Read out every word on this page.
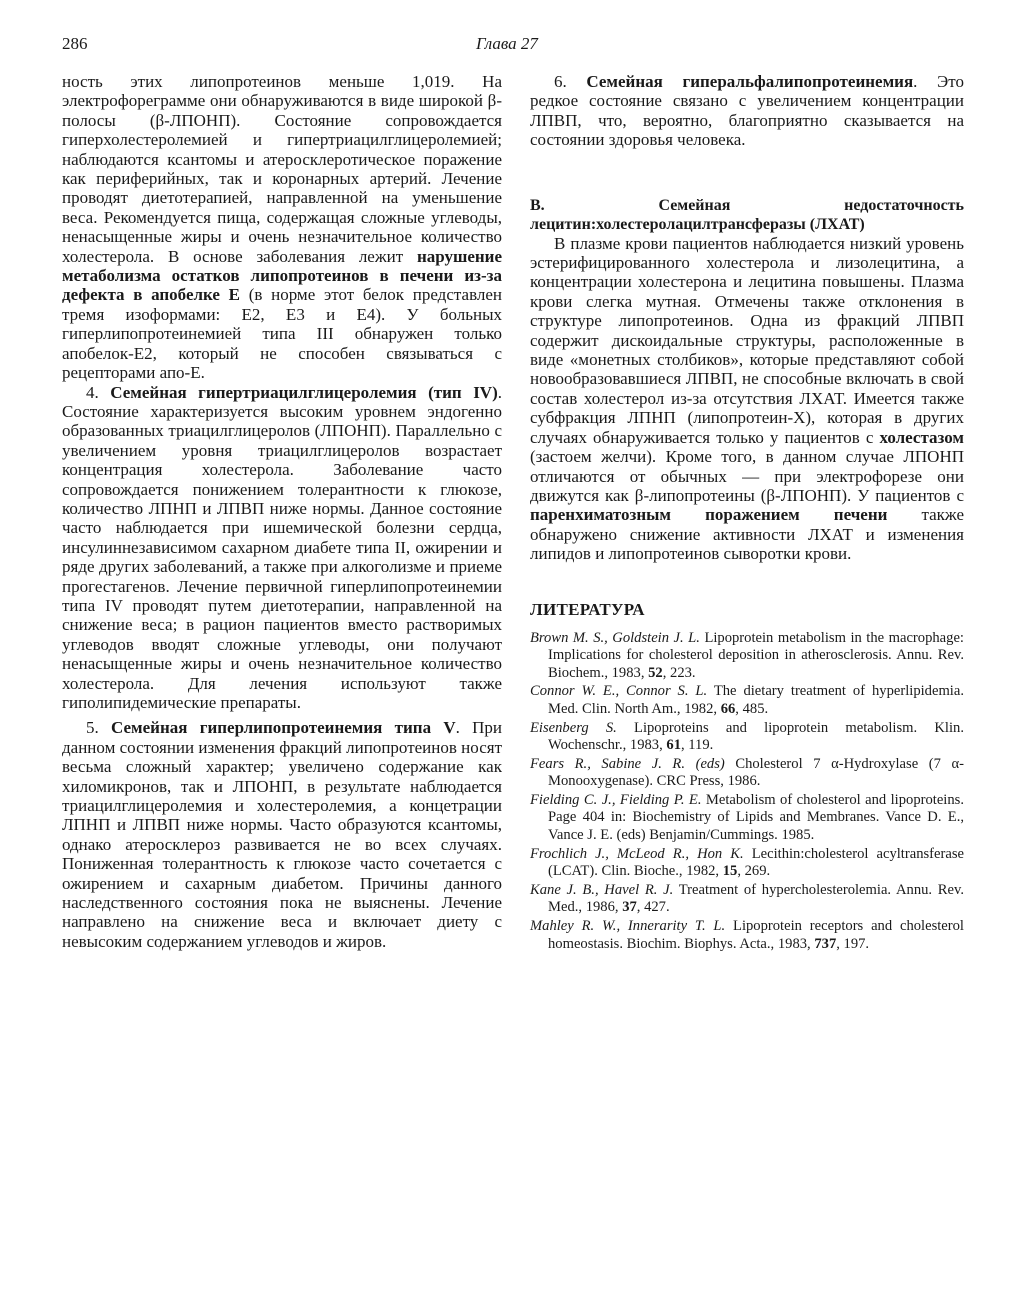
286	Глава 27

ность этих липопротеинов меньше 1,019. На электрофореграмме они обнаруживаются в виде широкой β-полосы (β-ЛПОНП). Состояние сопровождается гиперхолестеролемией и гипертриацилглицеролемией; наблюдаются ксантомы и атеросклеротическое поражение как периферийных, так и коронарных артерий. Лечение проводят диетотерапией, направленной на уменьшение веса. Рекомендуется пища, содержащая сложные углеводы, ненасыщенные жиры и очень незначительное количество холестерола. В основе заболевания лежит нарушение метаболизма остатков липопротеинов в печени из-за дефекта в апобелке Е (в норме этот белок представлен тремя изоформами: Е2, Е3 и Е4). У больных гиперлипопротеинемией типа III обнаружен только апобелок-Е2, который не способен связываться с рецепторами апо-Е.

4. Семейная гипертриацилглицеролемия (тип IV). Состояние характеризуется высоким уровнем эндогенно образованных триацилглицеролов (ЛПОНП). Параллельно с увеличением уровня триацилглицеролов возрастает концентрация холестерола. Заболевание часто сопровождается понижением толерантности к глюкозе, количество ЛПНП и ЛПВП ниже нормы. Данное состояние часто наблюдается при ишемической болезни сердца, инсулиннезависимом сахарном диабете типа II, ожирении и ряде других заболеваний, а также при алкоголизме и приеме прогестагенов. Лечение первичной гиперлипопротеинемии типа IV проводят путем диетотерапии, направленной на снижение веса; в рацион пациентов вместо растворимых углеводов вводят сложные углеводы, они получают ненасыщенные жиры и очень незначительное количество холестерола. Для лечения используют также гиполипидемические препараты.

5. Семейная гиперлипопротеинемия типа V. При данном состоянии изменения фракций липопротеинов носят весьма сложный характер; увеличено содержание как хиломикронов, так и ЛПОНП, в результате наблюдается триацилглицеролемия и холестеролемия, а концетрации ЛПНП и ЛПВП ниже нормы. Часто образуются ксантомы, однако атеросклероз развивается не во всех случаях. Пониженная толерантность к глюкозе часто сочетается с ожирением и сахарным диабетом. Причины данного наследственного состояния пока не выяснены. Лечение направлено на снижение веса и включает диету с невысоким содержанием углеводов и жиров.

6. Семейная гиперальфалипопротеинемия. Это редкое состояние связано с увеличением концентрации ЛПВП, что, вероятно, благоприятно сказывается на состоянии здоровья человека.

В. Семейная недостаточность лецитин:холестеролацилтрансферазы (ЛХАТ)

В плазме крови пациентов наблюдается низкий уровень эстерифицированного холестерола и лизолецитина, а концентрации холестерона и лецитина повышены. Плазма крови слегка мутная. Отмечены также отклонения в структуре липопротеинов. Одна из фракций ЛПВП содержит дискоидальные структуры, расположенные в виде «монетных столбиков», которые представляют собой новообразовавшиеся ЛПВП, не способные включать в свой состав холестерол из-за отсутствия ЛХАТ. Имеется также субфракция ЛПНП (липопротеин-X), которая в других случаях обнаруживается только у пациентов с холестазом (застоем желчи). Кроме того, в данном случае ЛПОНП отличаются от обычных — при электрофорезе они движутся как β-липопротеины (β-ЛПОНП). У пациентов с паренхиматозным поражением печени также обнаружено снижение активности ЛХАТ и изменения липидов и липопротеинов сыворотки крови.

ЛИТЕРАТУРА
Brown M. S., Goldstein J. L. Lipoprotein metabolism in the macrophage: Implications for cholesterol deposition in atherosclerosis. Annu. Rev. Biochem., 1983, 52, 223.
Connor W. E., Connor S. L. The dietary treatment of hyperlipidemia. Med. Clin. North Am., 1982, 66, 485.
Eisenberg S. Lipoproteins and lipoprotein metabolism. Klin. Wochenschr., 1983, 61, 119.
Fears R., Sabine J. R. (eds) Cholesterol 7 α-Hydroxylase (7 α-Monooxygenase). CRC Press, 1986.
Fielding C. J., Fielding P. E. Metabolism of cholesterol and lipoproteins. Page 404 in: Biochemistry of Lipids and Membranes. Vance D. E., Vance J. E. (eds) Benjamin/Cummings. 1985.
Frochlich J., McLeod R., Hon K. Lecithin:cholesterol acyltransferase (LCAT). Clin. Bioche., 1982, 15, 269.
Kane J. B., Havel R. J. Treatment of hypercholesterolemia. Annu. Rev. Med., 1986, 37, 427.
Mahley R. W., Innerarity T. L. Lipoprotein receptors and cholesterol homeostasis. Biochim. Biophys. Acta., 1983, 737, 197.
